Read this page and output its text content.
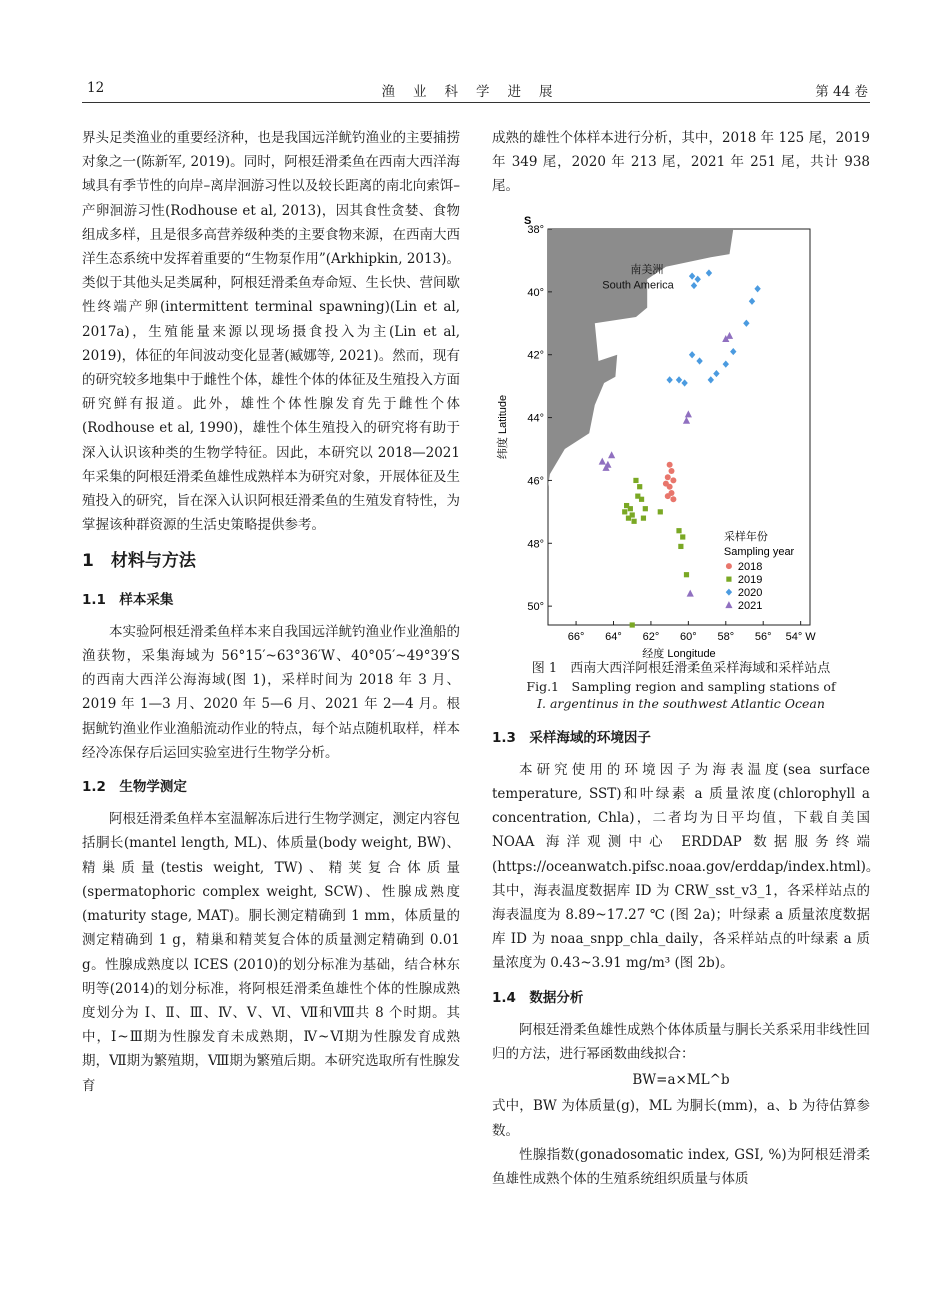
12	渔业科学进展	第 44 卷

界头足类渔业的重要经济种，也是我国远洋鱿钓渔业的主要捕捞对象之一(陈新军, 2019)。同时，阿根廷滑柔鱼在西南大西洋海域具有季节性的向岸–离岸洄游习性以及较长距离的南北向索饵–产卵洄游习性(Rodhouse et al, 2013)，因其食性贪婪、食物组成多样，且是很多高营养级种类的主要食物来源，在西南大西洋生态系统中发挥着重要的“生物泵作用”(Arkhipkin, 2013)。类似于其他头足类属种，阿根廷滑柔鱼寿命短、生长快、营间歇性终端产卵(intermittent terminal spawning)(Lin et al, 2017a)，生殖能量来源以现场摄食投入为主(Lin et al, 2019)，体征的年间波动变化显著(臧娜等, 2021)。然而，现有的研究较多地集中于雌性个体，雄性个体的体征及生殖投入方面研究鲜有报道。此外，雄性个体性腺发育先于雌性个体(Rodhouse et al, 1990)，雄性个体生殖投入的研究将有助于深入认识该种类的生物学特征。因此，本研究以 2018—2021 年采集的阿根廷滑柔鱼雄性成熟样本为研究对象，开展体征及生殖投入的研究，旨在深入认识阿根廷滑柔鱼的生殖发育特性，为掌握该种群资源的生活史策略提供参考。

1　材料与方法

1.1　样本采集

本实验阿根廷滑柔鱼样本来自我国远洋鱿钓渔业作业渔船的渔获物，采集海域为 56°15′~63°36′W、40°05′~49°39′S 的西南大西洋公海海域(图 1)，采样时间为 2018 年 3 月、2019 年 1—3 月、2020 年 5—6 月、2021 年 2—4 月。根据鱿钓渔业作业渔船流动作业的特点，每个站点随机取样，样本经冷冻保存后运回实验室进行生物学分析。

1.2　生物学测定

阿根廷滑柔鱼样本室温解冻后进行生物学测定，测定内容包括胴长(mantel length, ML)、体质量(body weight, BW)、精巢质量(testis weight, TW)、精荚复合体质量(spermatophoric complex weight, SCW)、性腺成熟度(maturity stage, MAT)。胴长测定精确到 1 mm，体质量的测定精确到 1 g，精巢和精荚复合体的质量测定精确到 0.01 g。性腺成熟度以 ICES (2010)的划分标准为基础，结合林东明等(2014)的划分标准，将阿根廷滑柔鱼雄性个体的性腺成熟度划分为 Ⅰ、Ⅱ、Ⅲ、Ⅳ、Ⅴ、Ⅵ、Ⅶ和Ⅷ共 8 个时期。其中，Ⅰ~Ⅲ期为性腺发育未成熟期，Ⅳ~Ⅵ期为性腺发育成熟期，Ⅶ期为繁殖期，Ⅷ期为繁殖后期。本研究选取所有性腺发育

成熟的雄性个体样本进行分析，其中，2018 年 125 尾，2019 年 349 尾，2020 年 213 尾，2021 年 251 尾，共计 938 尾。

南美洲
South America
66° 64° 62° 60° 58° 56° 54° W
38°
40°
42°
44°
46°
48°
50°
S
经度 Longitude
纬度 Latitude
采样年份
Sampling year
2018
2019
2020
2021

图 1　西南大西洋阿根廷滑柔鱼采样海域和采样站点

Fig.1　Sampling region and sampling stations of

I. argentinus in the southwest Atlantic Ocean

1.3　采样海域的环境因子

本研究使用的环境因子为海表温度(sea surface temperature, SST)和叶绿素 a 质量浓度(chlorophyll a concentration, Chla)，二者均为日平均值，下载自美国 NOAA 海洋观测中心 ERDDAP 数据服务终端(https://oceanwatch.pifsc.noaa.gov/erddap/index.html)。其中，海表温度数据库 ID 为 CRW_sst_v3_1，各采样站点的海表温度为 8.89~17.27 ℃ (图 2a)；叶绿素 a 质量浓度数据库 ID 为 noaa_snpp_chla_daily，各采样站点的叶绿素 a 质量浓度为 0.43~3.91 mg/m³ (图 2b)。

1.4　数据分析

阿根廷滑柔鱼雄性成熟个体体质量与胴长关系采用非线性回归的方法，进行幂函数曲线拟合：

BW=a×ML^b

式中，BW 为体质量(g)，ML 为胴长(mm)，a、b 为待估算参数。

性腺指数(gonadosomatic index, GSI, %)为阿根廷滑柔鱼雄性成熟个体的生殖系统组织质量与体质
